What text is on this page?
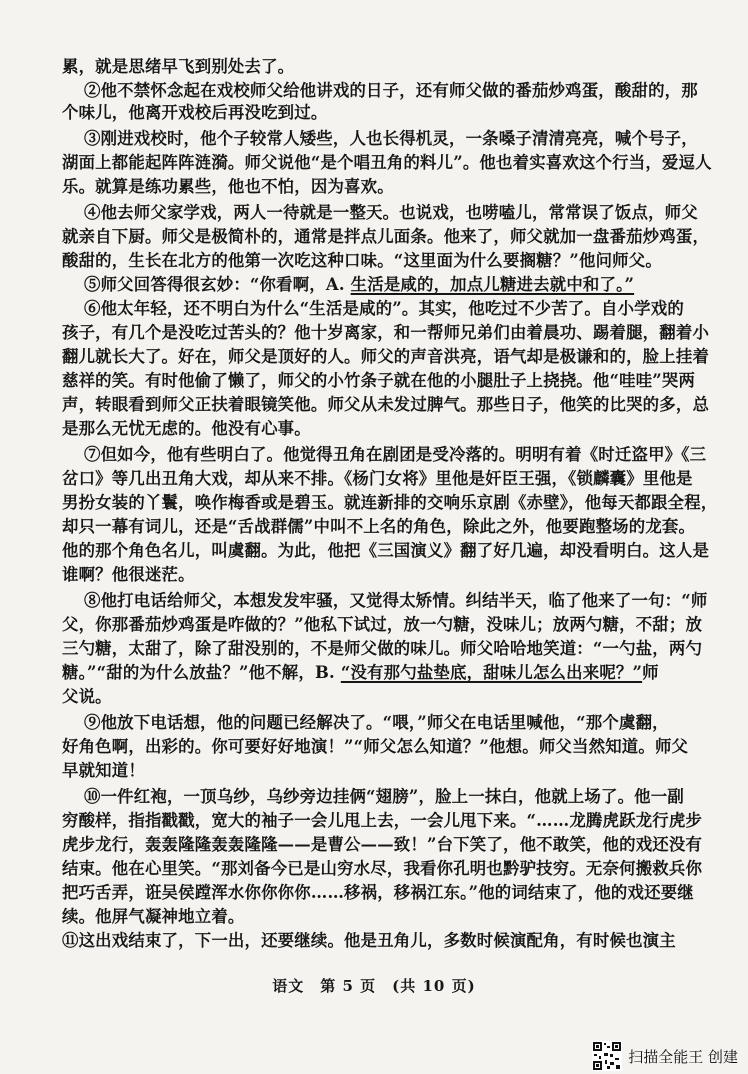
累，就是思绪早飞到别处去了。
②他不禁怀念起在戏校师父给他讲戏的日子，还有师父做的番茄炒鸡蛋，酸甜的，那
个味儿，他离开戏校后再没吃到过。
③刚进戏校时，他个子较常人矮些，人也长得机灵，一条嗓子清清亮亮，喊个号子，
湖面上都能起阵阵涟漪。师父说他“是个唱丑角的料儿”。他也着实喜欢这个行当，爱逗人
乐。就算是练功累些，他也不怕，因为喜欢。
④他去师父家学戏，两人一待就是一整天。也说戏，也唠嗑儿，常常误了饭点，师父
就亲自下厨。师父是极简朴的，通常是拌点儿面条。他来了，师父就加一盘番茄炒鸡蛋，
酸甜的，生长在北方的他第一次吃这种口味。“这里面为什么要搁糖？”他问师父。
⑤师父回答得很玄妙：“你看啊，A. 生活是咸的，加点儿糖进去就中和了。”
⑥他太年轻，还不明白为什么“生活是咸的”。其实，他吃过不少苦了。自小学戏的
孩子，有几个是没吃过苦头的？他十岁离家，和一帮师兄弟们由着晨功、踢着腿，翻着小
翻儿就长大了。好在，师父是顶好的人。师父的声音洪亮，语气却是极谦和的，脸上挂着
慈祥的笑。有时他偷了懒了，师父的小竹条子就在他的小腿肚子上挠挠。他“哇哇”哭两
声，转眼看到师父正扶着眼镜笑他。师父从未发过脾气。那些日子，他笑的比哭的多，总
是那么无忧无虑的。他没有心事。
⑦但如今，他有些明白了。他觉得丑角在剧团是受冷落的。明明有着《时迁盗甲》《三
岔口》等几出丑角大戏，却从来不排。《杨门女将》里他是奸臣王强，《锁麟囊》里他是
男扮女装的丫鬟，唤作梅香或是碧玉。就连新排的交响乐京剧《赤壁》，他每天都跟全程，
却只一幕有词儿，还是“舌战群儒”中叫不上名的角色，除此之外，他要跑整场的龙套。
他的那个角色名儿，叫虞翻。为此，他把《三国演义》翻了好几遍，却没看明白。这人是
谁啊？他很迷茫。
⑧他打电话给师父，本想发发牢骚，又觉得太矫情。纠结半天，临了他来了一句：“师
父，你那番茄炒鸡蛋是咋做的？”他私下试过，放一勺糖，没味儿；放两勺糖，不甜；放
三勺糖，太甜了，除了甜没别的，不是师父做的味儿。师父哈哈地笑道：“一勺盐，两勺
糖。”“甜的为什么放盐？”他不解，B. “没有那勺盐垫底，甜味儿怎么出来呢？”师
父说。
⑨他放下电话想，他的问题已经解决了。“喂，”师父在电话里喊他，“那个虞翻，
好角色啊，出彩的。你可要好好地演！”“师父怎么知道？”他想。师父当然知道。师父
早就知道！
⑩一件红袍，一顶乌纱，乌纱旁边挂俩“翅膀”，脸上一抹白，他就上场了。他一副
穷酸样，指指戳戳，宽大的袖子一会儿甩上去，一会儿甩下来。“……龙腾虎跃龙行虎步
虎步龙行，轰轰隆隆轰轰隆隆——是曹公——致！”台下笑了，他不敢笑，他的戏还没有
结束。他在心里笑。“那刘备今已是山穷水尽，我看你孔明也黔驴技穷。无奈何搬救兵你
把巧舌弄，诳吴侯蹚浑水你你你你……移祸，移祸江东。”他的词结束了，他的戏还要继
续。他屏气凝神地立着。
⑪这出戏结束了，下一出，还要继续。他是丑角儿，多数时候演配角，有时候也演主
语文　第 5 页　(共 10 页)
扫描全能王 创建
